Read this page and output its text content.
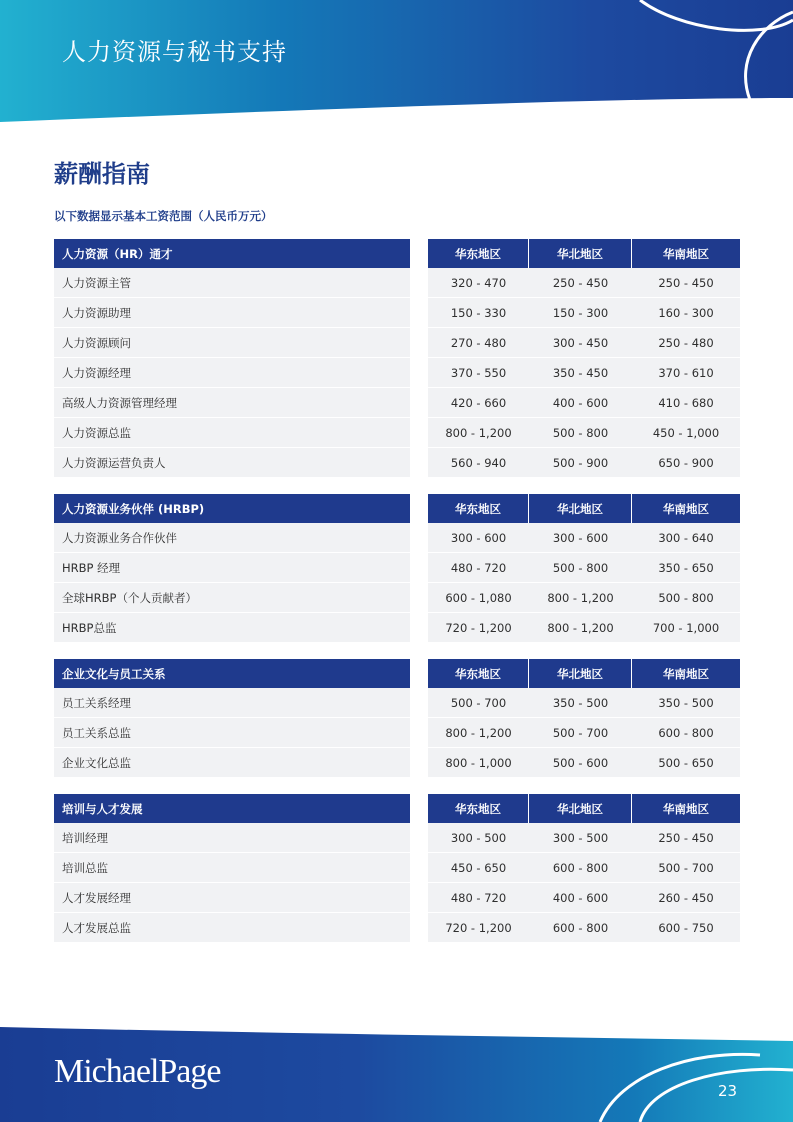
人力资源与秘书支持
薪酬指南
以下数据显示基本工资范围（人民币万元）
人力资源（HR）通才	华东地区	华北地区	华南地区
人力资源主管	320 - 470	250 - 450	250 - 450
人力资源助理	150 - 330	150 - 300	160 - 300
人力资源顾问	270 - 480	300 - 450	250 - 480
人力资源经理	370 - 550	350 - 450	370 - 610
高级人力资源管理经理	420 - 660	400 - 600	410 - 680
人力资源总监	800 - 1,200	500 - 800	450 - 1,000
人力资源运营负责人	560 - 940	500 - 900	650 - 900
人力资源业务伙伴 (HRBP)	华东地区	华北地区	华南地区
人力资源业务合作伙伴	300 - 600	300 - 600	300 - 640
HRBP 经理	480 - 720	500 - 800	350 - 650
全球HRBP（个人贡献者）	600 - 1,080	800 - 1,200	500 - 800
HRBP总监	720 - 1,200	800 - 1,200	700 - 1,000
企业文化与员工关系	华东地区	华北地区	华南地区
员工关系经理	500 - 700	350 - 500	350 - 500
员工关系总监	800 - 1,200	500 - 700	600 - 800
企业文化总监	800 - 1,000	500 - 600	500 - 650
培训与人才发展	华东地区	华北地区	华南地区
培训经理	300 - 500	300 - 500	250 - 450
培训总监	450 - 650	600 - 800	500 - 700
人才发展经理	480 - 720	400 - 600	260 - 450
人才发展总监	720 - 1,200	600 - 800	600 - 750
MichaelPage
23
